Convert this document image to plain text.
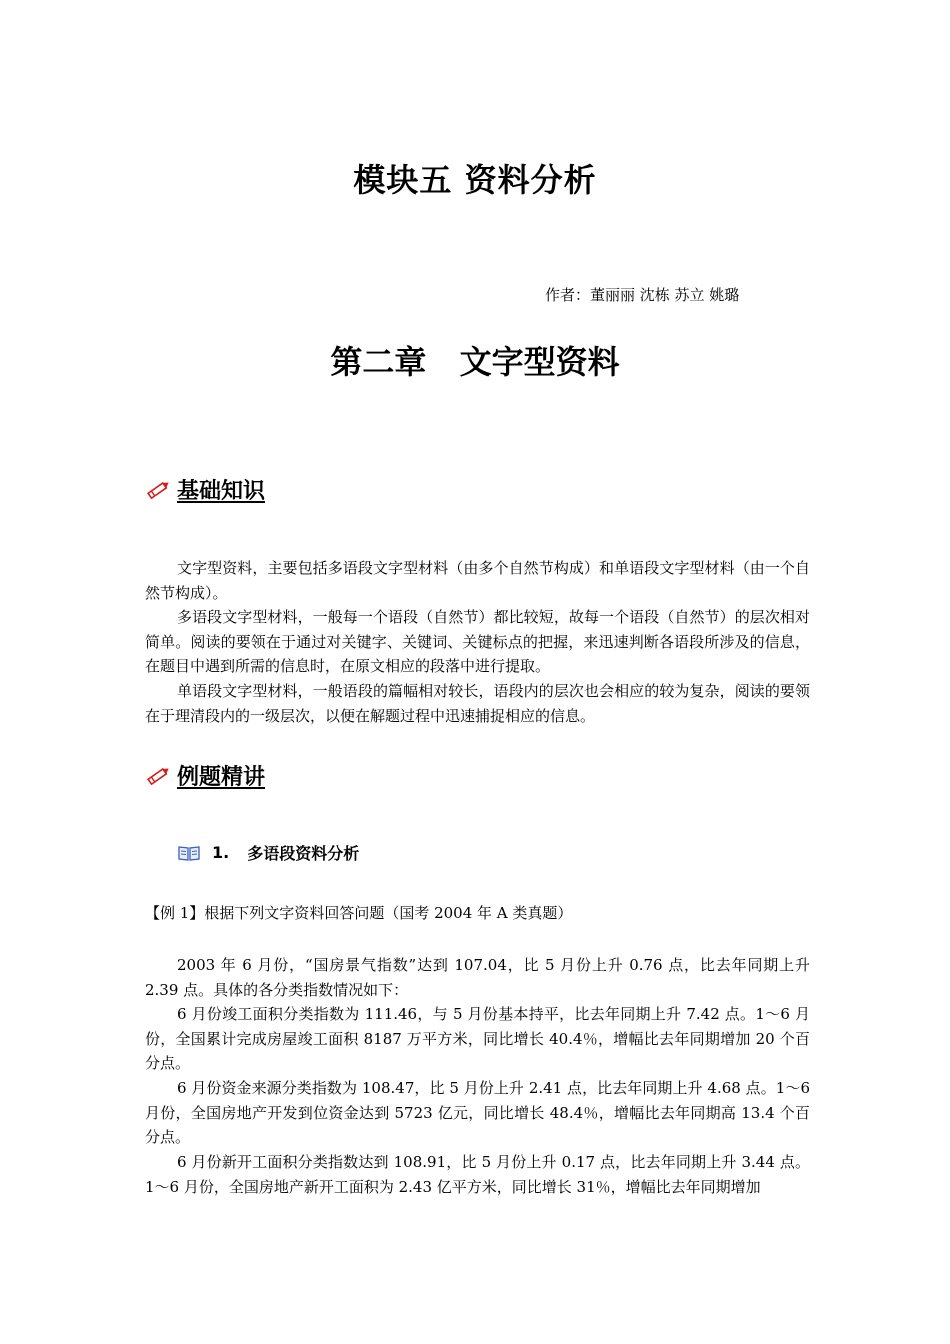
模块五 资料分析
作者：董丽丽 沈栋 苏立 姚璐
第二章 文字型资料
基础知识

文字型资料，主要包括多语段文字型材料（由多个自然节构成）和单语段文字型材料（由一个自然节构成）。

多语段文字型材料，一般每一个语段（自然节）都比较短，故每一个语段（自然节）的层次相对简单。阅读的要领在于通过对关键字、关键词、关键标点的把握，来迅速判断各语段所涉及的信息，在题目中遇到所需的信息时，在原文相应的段落中进行提取。

单语段文字型材料，一般语段的篇幅相对较长，语段内的层次也会相应的较为复杂，阅读的要领在于理清段内的一级层次，以便在解题过程中迅速捕捉相应的信息。

例题精讲
1. 多语段资料分析
【例 1】根据下列文字资料回答问题（国考 2004 年 A 类真题）

2003 年 6 月份，“国房景气指数”达到 107.04，比 5 月份上升 0.76 点，比去年同期上升 2.39 点。具体的各分类指数情况如下：

6 月份竣工面积分类指数为 111.46，与 5 月份基本持平，比去年同期上升 7.42 点。1～6 月份，全国累计完成房屋竣工面积 8187 万平方米，同比增长 40.4％，增幅比去年同期增加 20 个百分点。

6 月份资金来源分类指数为 108.47，比 5 月份上升 2.41 点，比去年同期上升 4.68 点。1～6 月份，全国房地产开发到位资金达到 5723 亿元，同比增长 48.4％，增幅比去年同期高 13.4 个百分点。

6 月份新开工面积分类指数达到 108.91，比 5 月份上升 0.17 点，比去年同期上升 3.44 点。1～6 月份，全国房地产新开工面积为 2.43 亿平方米，同比增长 31％，增幅比去年同期增加
